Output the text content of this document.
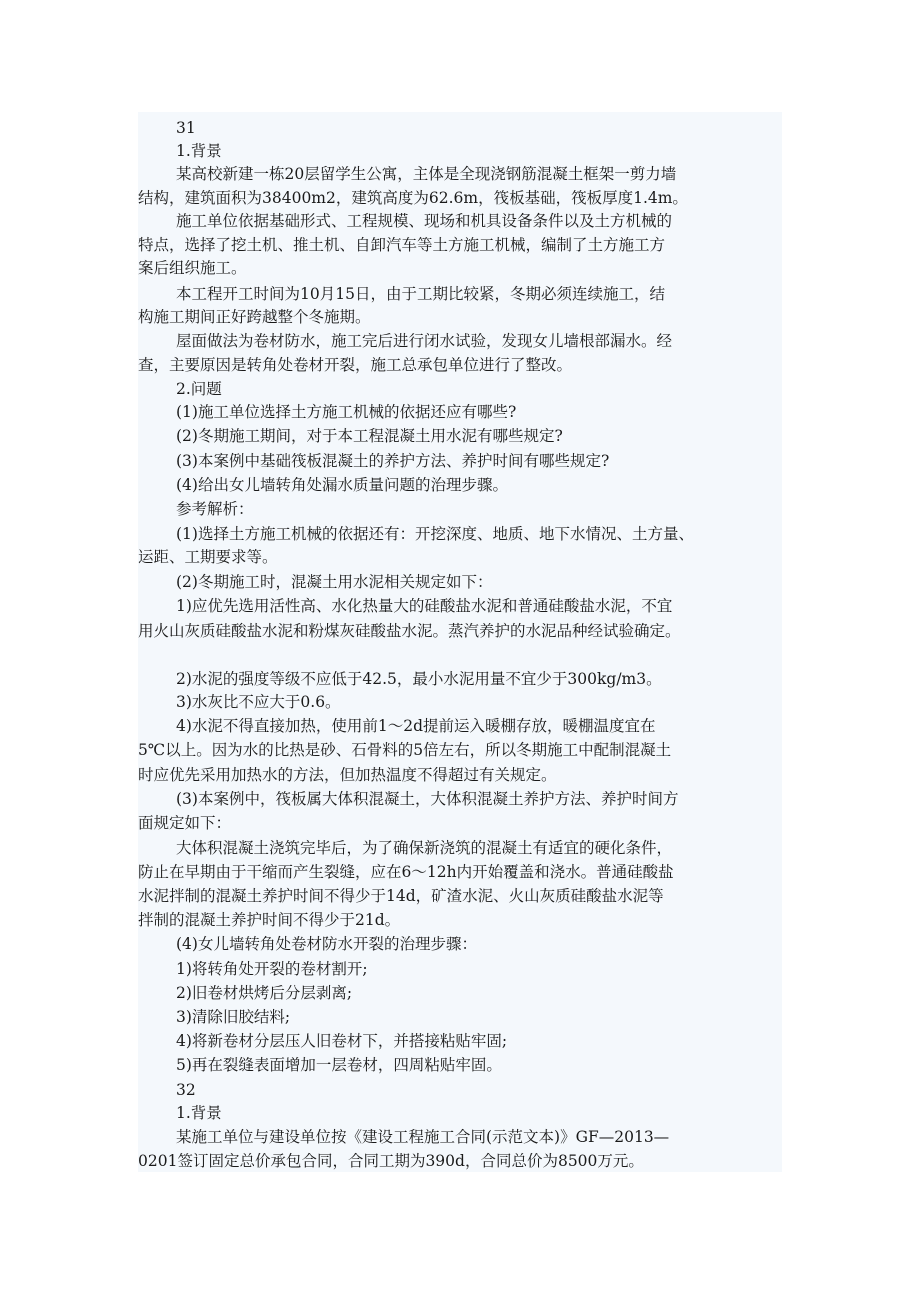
31
1.背景
某高校新建一栋20层留学生公寓，主体是全现浇钢筋混凝土框架一剪力墙
结构，建筑面积为38400m2，建筑高度为62.6m，筏板基础，筏板厚度1.4m。
施工单位依据基础形式、工程规模、现场和机具设备条件以及土方机械的
特点，选择了挖土机、推土机、自卸汽车等土方施工机械，编制了土方施工方
案后组织施工。
本工程开工时间为10月15日，由于工期比较紧，冬期必须连续施工，结
构施工期间正好跨越整个冬施期。
屋面做法为卷材防水，施工完后进行闭水试验，发现女儿墙根部漏水。经
查，主要原因是转角处卷材开裂，施工总承包单位进行了整改。
2.问题
(1)施工单位选择土方施工机械的依据还应有哪些?
(2)冬期施工期间，对于本工程混凝土用水泥有哪些规定?
(3)本案例中基础筏板混凝土的养护方法、养护时间有哪些规定?
(4)给出女儿墙转角处漏水质量问题的治理步骤。
参考解析：
(1)选择土方施工机械的依据还有：开挖深度、地质、地下水情况、土方量、
运距、工期要求等。
(2)冬期施工时，混凝土用水泥相关规定如下：
1)应优先选用活性高、水化热量大的硅酸盐水泥和普通硅酸盐水泥，不宜
用火山灰质硅酸盐水泥和粉煤灰硅酸盐水泥。蒸汽养护的水泥品种经试验确定。
2)水泥的强度等级不应低于42.5，最小水泥用量不宜少于300kg/m3。
3)水灰比不应大于0.6。
4)水泥不得直接加热，使用前1～2d提前运入暖棚存放，暖棚温度宜在
5℃以上。因为水的比热是砂、石骨料的5倍左右，所以冬期施工中配制混凝土
时应优先采用加热水的方法，但加热温度不得超过有关规定。
(3)本案例中，筏板属大体积混凝土，大体积混凝土养护方法、养护时间方
面规定如下：
大体积混凝土浇筑完毕后，为了确保新浇筑的混凝土有适宜的硬化条件，
防止在早期由于干缩而产生裂缝，应在6～12h内开始覆盖和浇水。普通硅酸盐
水泥拌制的混凝土养护时间不得少于14d，矿渣水泥、火山灰质硅酸盐水泥等
拌制的混凝土养护时间不得少于21d。
(4)女儿墙转角处卷材防水开裂的治理步骤：
1)将转角处开裂的卷材割开;
2)旧卷材烘烤后分层剥离;
3)清除旧胶结料;
4)将新卷材分层压人旧卷材下，并搭接粘贴牢固;
5)再在裂缝表面增加一层卷材，四周粘贴牢固。
32
1.背景
某施工单位与建设单位按《建设工程施工合同(示范文本)》GF—2013—
0201签订固定总价承包合同，合同工期为390d，合同总价为8500万元。
